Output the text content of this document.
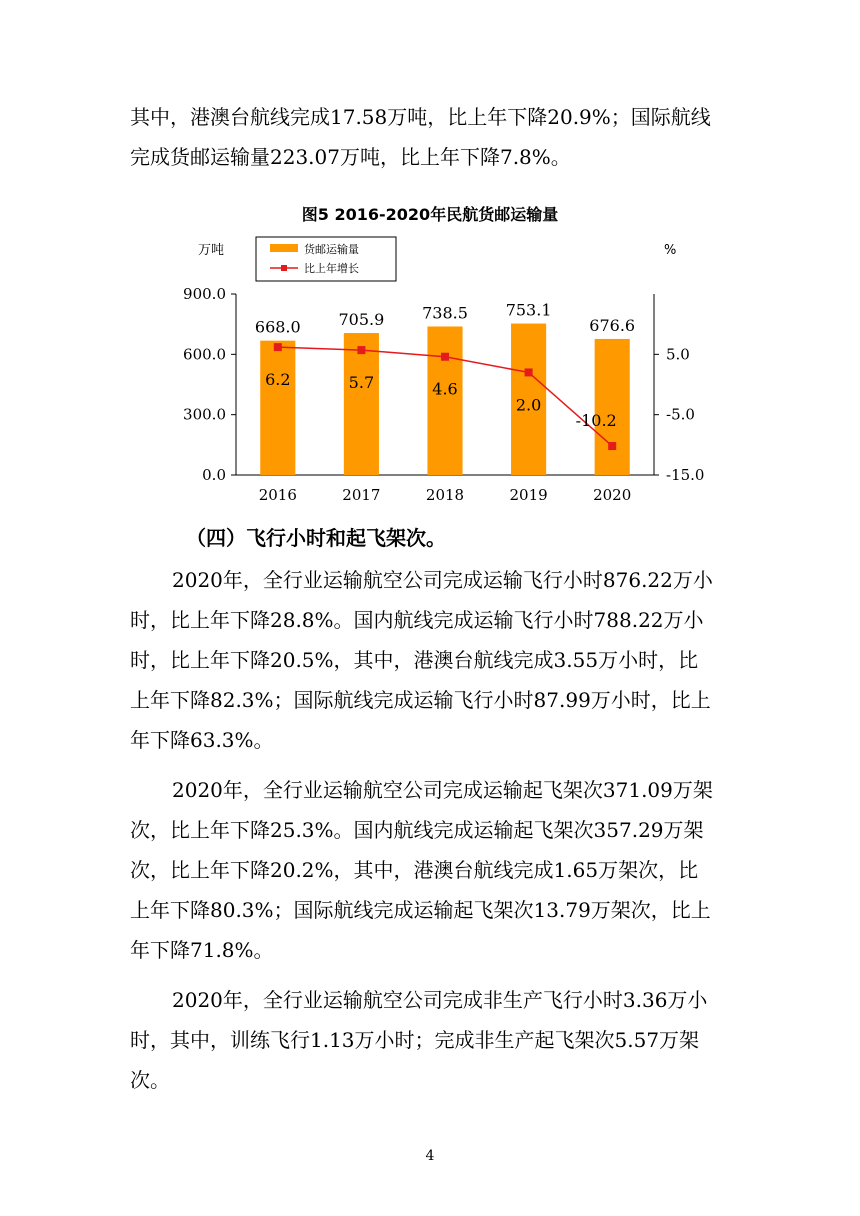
其中，港澳台航线完成17.58万吨，比上年下降20.9%；国际航线
完成货邮运输量223.07万吨，比上年下降7.8%。
图5 2016-2020年民航货邮运输量
万吨	%
货邮运输量
比上年增长
900.0
600.0
300.0
0.0
5.0
-5.0
-15.0
2016	2017	2018	2019	2020
668.0 705.9 738.5 753.1
676.6
6.2	5.7	4.6
2.0
-10.2
（四）飞行小时和起飞架次。
2020年，全行业运输航空公司完成运输飞行小时876.22万小
时，比上年下降28.8%。国内航线完成运输飞行小时788.22万小
时，比上年下降20.5%，其中，港澳台航线完成3.55万小时，比
上年下降82.3%；国际航线完成运输飞行小时87.99万小时，比上
年下降63.3%。
2020年，全行业运输航空公司完成运输起飞架次371.09万架
次，比上年下降25.3%。国内航线完成运输起飞架次357.29万架
次，比上年下降20.2%，其中，港澳台航线完成1.65万架次，比
上年下降80.3%；国际航线完成运输起飞架次13.79万架次，比上
年下降71.8%。
2020年，全行业运输航空公司完成非生产飞行小时3.36万小
时，其中，训练飞行1.13万小时；完成非生产起飞架次5.57万架
次。
4
